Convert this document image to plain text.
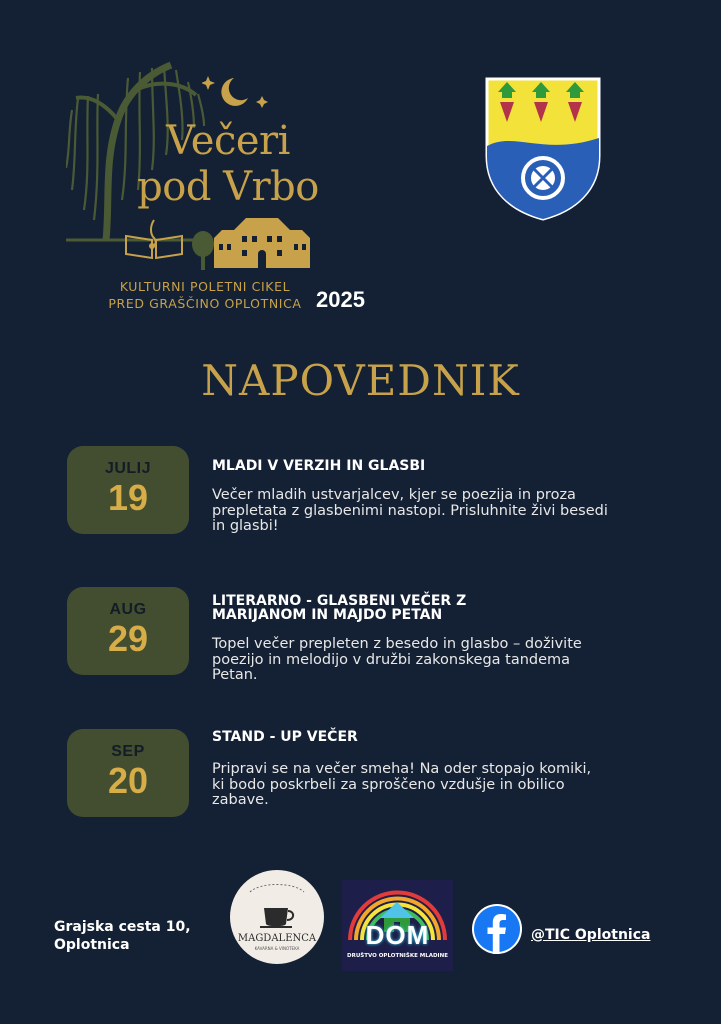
Večeri
pod Vrbo
KULTURNI POLETNI CIKEL
PRED GRAŠČINO OPLOTNICA 2025
NAPOVEDNIK
JULIJ
19
MLADI V VERZIH IN GLASBI
Večer mladih ustvarjalcev, kjer se poezija in proza prepletata z glasbenimi nastopi. Prisluhnite živi besedi in glasbi!
AUG
29
LITERARNO - GLASBENI VEČER Z MARIJANOM IN MAJDO PETAN
Topel večer prepleten z besedo in glasbo – doživite poezijo in melodijo v družbi zakonskega tandema Petan.
SEP
20
STAND - UP VEČER
Pripravi se na večer smeha! Na oder stopajo komiki, ki bodo poskrbeli za sproščeno vzdušje in obilico zabave.
Grajska cesta 10,
Oplotnica	MAGDALENCA
KAVARNA & VINOTEKA	DOM
DRUŠTVO OPLOTNIŠKE MLADINE
@TIC Oplotnica
